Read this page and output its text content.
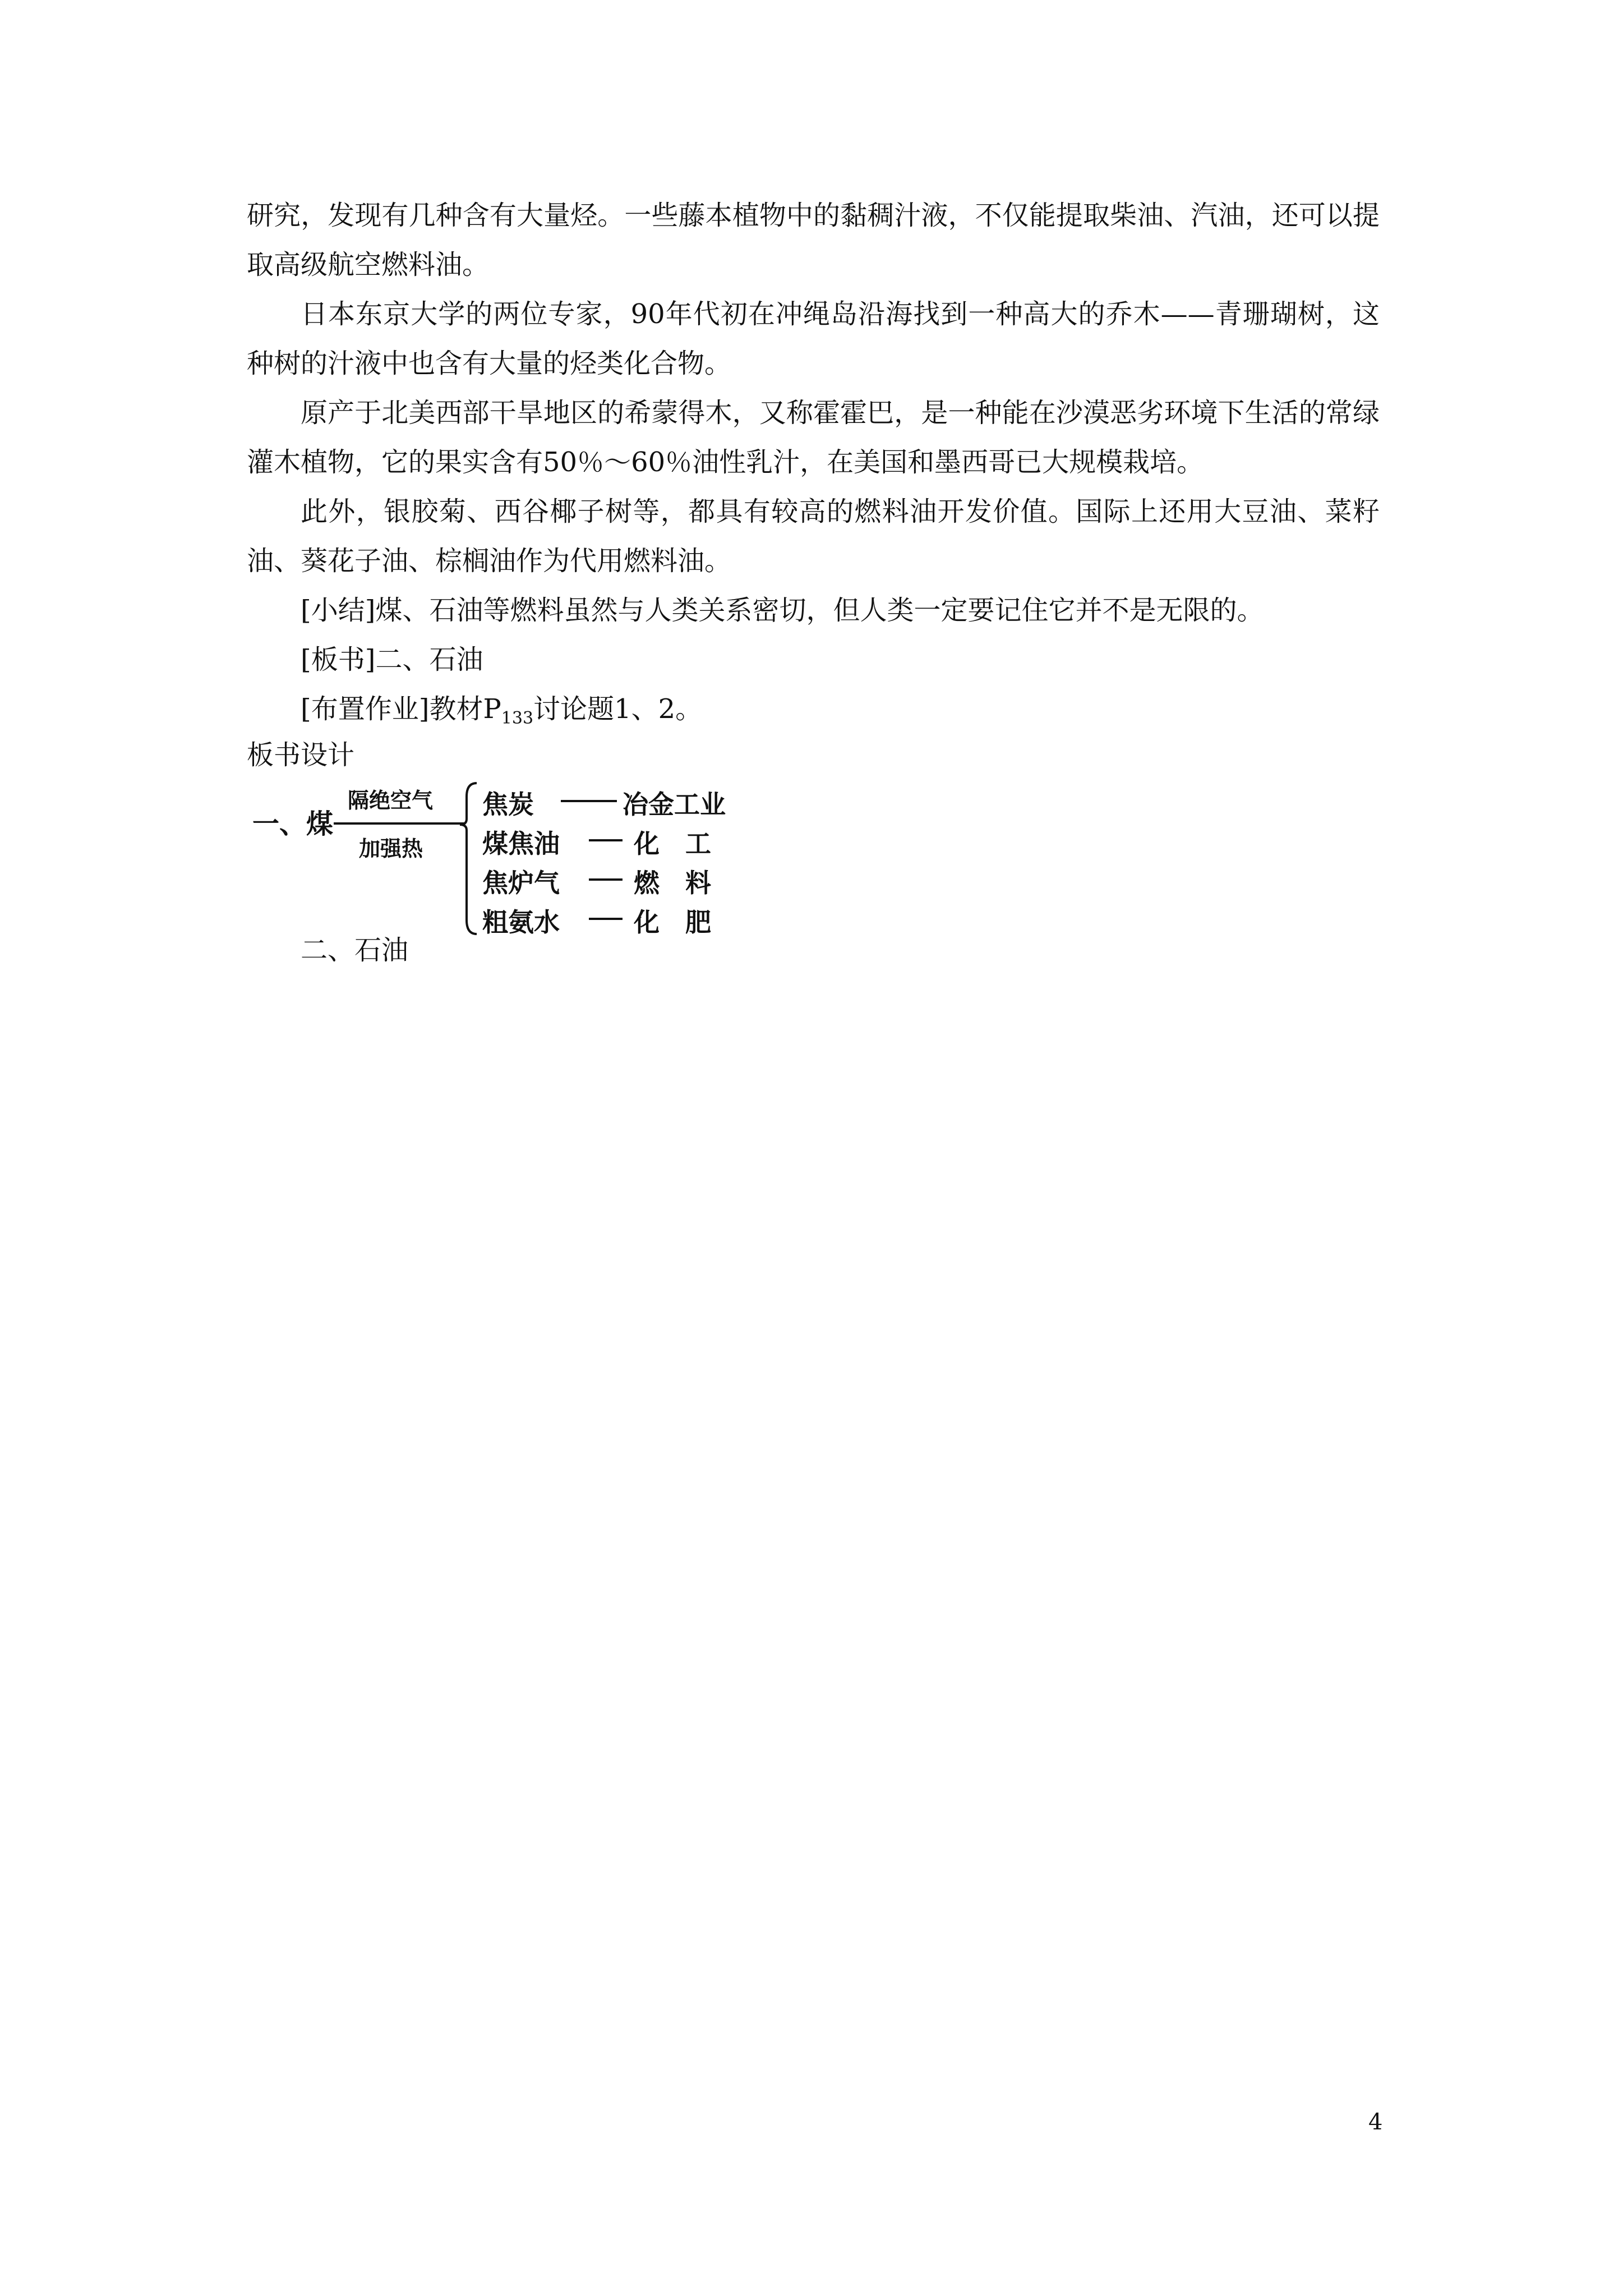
研究，发现有几种含有大量烃。一些藤本植物中的黏稠汁液，不仅能提取柴油、汽油，还可以提取高级航空燃料油。

日本东京大学的两位专家，90年代初在冲绳岛沿海找到一种高大的乔木——青珊瑚树，这种树的汁液中也含有大量的烃类化合物。

原产于北美西部干旱地区的希蒙得木，又称霍霍巴，是一种能在沙漠恶劣环境下生活的常绿灌木植物，它的果实含有50％～60％油性乳汁，在美国和墨西哥已大规模栽培。

此外，银胶菊、西谷椰子树等，都具有较高的燃料油开发价值。国际上还用大豆油、菜籽油、葵花子油、棕榈油作为代用燃料油。

[小结]煤、石油等燃料虽然与人类关系密切，但人类一定要记住它并不是无限的。
[板书]二、石油
[布置作业]教材$P_{133}$讨论题1、2。
板书设计
一、煤
隔绝空气
加强热
焦炭	冶金工业
煤焦油	化　工
焦炉气	燃　料
粗氨水	化　肥
二、石油
4
